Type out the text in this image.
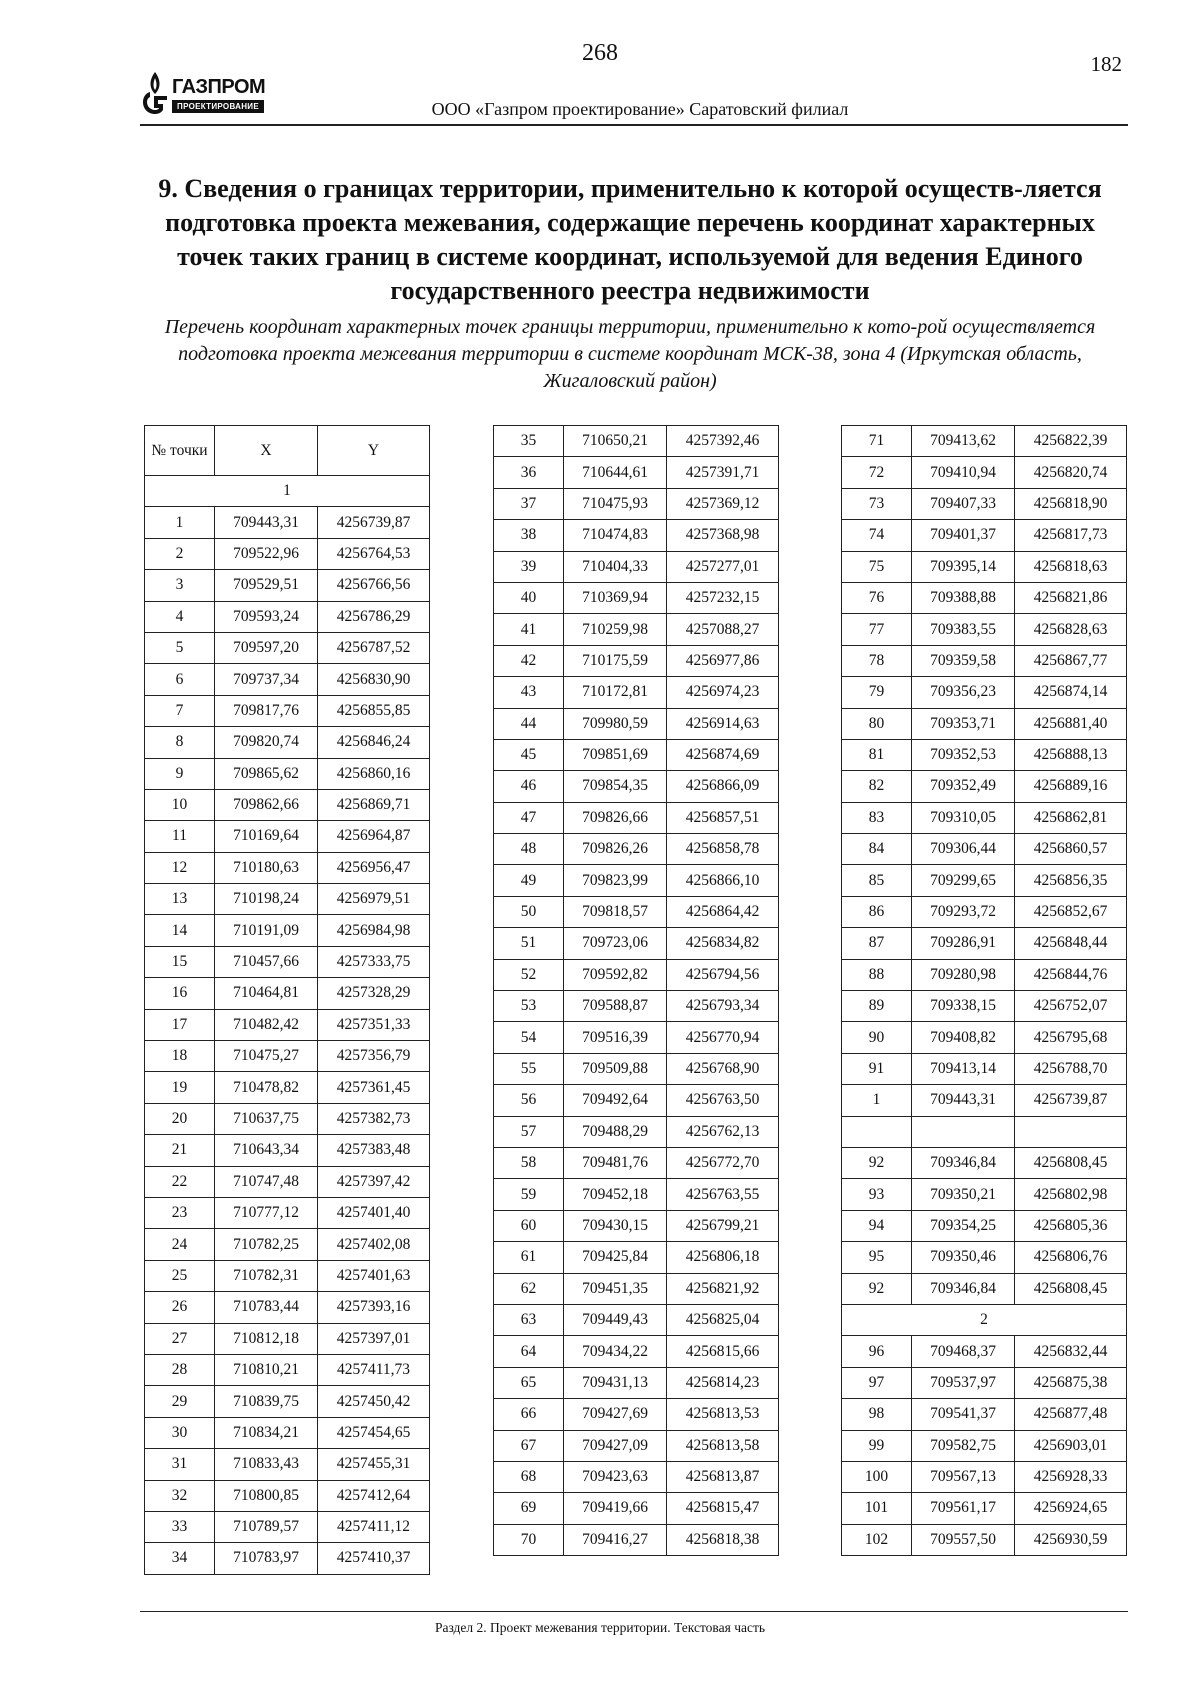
268	182
ГАЗПРОМ
ПРОЕКТИРОВАНИЕ	ООО «Газпром проектирование» Саратовский филиал
9. Сведения о границах территории, применительно к которой осуществ-ляется подготовка проекта межевания, содержащие перечень координат характерных точек таких границ в системе координат, используемой для ведения Единого государственного реестра недвижимости
Перечень координат характерных точек границы территории, применительно к кото-рой осуществляется подготовка проекта межевания территории в системе координат МСК-38, зона 4 (Иркутская область, Жигаловский район)
№ точки	X	Y
1		
1	709443,31	4256739,87
2	709522,96	4256764,53
3	709529,51	4256766,56
4	709593,24	4256786,29
5	709597,20	4256787,52
6	709737,34	4256830,90
7	709817,76	4256855,85
8	709820,74	4256846,24
9	709865,62	4256860,16
10	709862,66	4256869,71
11	710169,64	4256964,87
12	710180,63	4256956,47
13	710198,24	4256979,51
14	710191,09	4256984,98
15	710457,66	4257333,75
16	710464,81	4257328,29
17	710482,42	4257351,33
18	710475,27	4257356,79
19	710478,82	4257361,45
20	710637,75	4257382,73
21	710643,34	4257383,48
22	710747,48	4257397,42
23	710777,12	4257401,40
24	710782,25	4257402,08
25	710782,31	4257401,63
26	710783,44	4257393,16
27	710812,18	4257397,01
28	710810,21	4257411,73
29	710839,75	4257450,42
30	710834,21	4257454,65
31	710833,43	4257455,31
32	710800,85	4257412,64
33	710789,57	4257411,12
34	710783,97	4257410,37
35	710650,21	4257392,46
36	710644,61	4257391,71
37	710475,93	4257369,12
38	710474,83	4257368,98
39	710404,33	4257277,01
40	710369,94	4257232,15
41	710259,98	4257088,27
42	710175,59	4256977,86
43	710172,81	4256974,23
44	709980,59	4256914,63
45	709851,69	4256874,69
46	709854,35	4256866,09
47	709826,66	4256857,51
48	709826,26	4256858,78
49	709823,99	4256866,10
50	709818,57	4256864,42
51	709723,06	4256834,82
52	709592,82	4256794,56
53	709588,87	4256793,34
54	709516,39	4256770,94
55	709509,88	4256768,90
56	709492,64	4256763,50
57	709488,29	4256762,13
58	709481,76	4256772,70
59	709452,18	4256763,55
60	709430,15	4256799,21
61	709425,84	4256806,18
62	709451,35	4256821,92
63	709449,43	4256825,04
64	709434,22	4256815,66
65	709431,13	4256814,23
66	709427,69	4256813,53
67	709427,09	4256813,58
68	709423,63	4256813,87
69	709419,66	4256815,47
70	709416,27	4256818,38
71	709413,62	4256822,39
72	709410,94	4256820,74
73	709407,33	4256818,90
74	709401,37	4256817,73
75	709395,14	4256818,63
76	709388,88	4256821,86
77	709383,55	4256828,63
78	709359,58	4256867,77
79	709356,23	4256874,14
80	709353,71	4256881,40
81	709352,53	4256888,13
82	709352,49	4256889,16
83	709310,05	4256862,81
84	709306,44	4256860,57
85	709299,65	4256856,35
86	709293,72	4256852,67
87	709286,91	4256848,44
88	709280,98	4256844,76
89	709338,15	4256752,07
90	709408,82	4256795,68
91	709413,14	4256788,70
1	709443,31	4256739,87

92	709346,84	4256808,45
93	709350,21	4256802,98
94	709354,25	4256805,36
95	709350,46	4256806,76
92	709346,84	4256808,45
2		
96	709468,37	4256832,44
97	709537,97	4256875,38
98	709541,37	4256877,48
99	709582,75	4256903,01
100	709567,13	4256928,33
101	709561,17	4256924,65
102	709557,50	4256930,59
Раздел 2. Проект межевания территории. Текстовая часть
